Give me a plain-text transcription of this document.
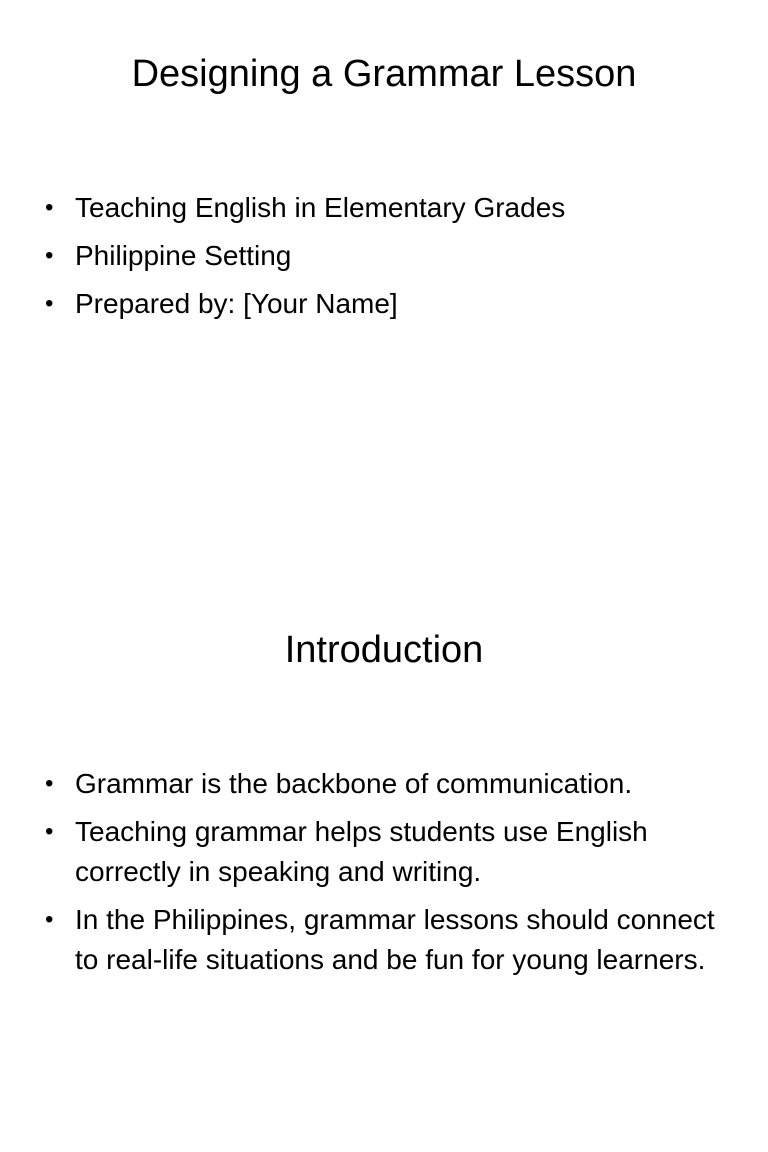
Designing a Grammar Lesson
• Teaching English in Elementary Grades
• Philippine Setting
• Prepared by: [Your Name]
Introduction
• Grammar is the backbone of communication.
• Teaching grammar helps students use English correctly in speaking and writing.
• In the Philippines, grammar lessons should connect to real-life situations and be fun for young learners.
